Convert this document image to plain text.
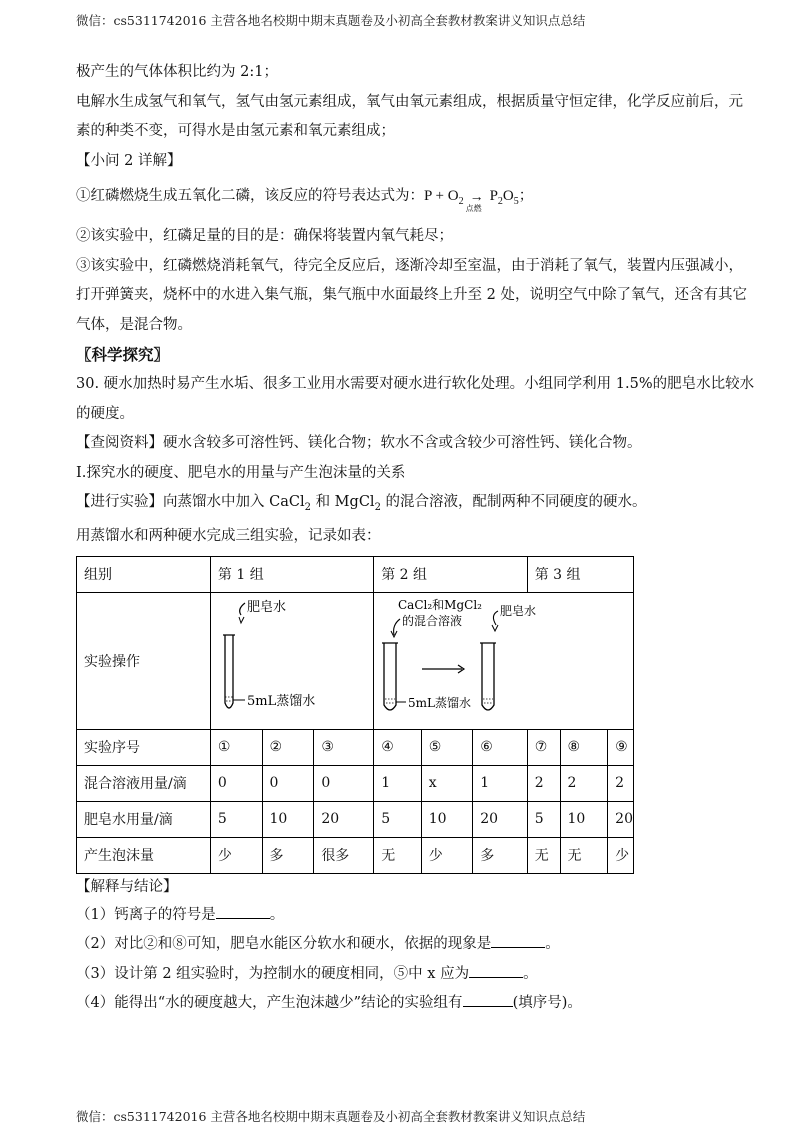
微信：cs5311742016 主营各地名校期中期末真题卷及小初高全套教材教案讲义知识点总结

极产生的气体体积比约为 2:1；

电解水生成氢气和氧气，氢气由氢元素组成，氧气由氧元素组成，根据质量守恒定律，化学反应前后，元

素的种类不变，可得水是由氢元素和氧元素组成；

【小问 2 详解】

①红磷燃烧生成五氧化二磷，该反应的符号表达式为：$P + O_2$ →
点燃
$P_2O_5$；

②该实验中，红磷足量的目的是：确保将装置内氧气耗尽；

③该实验中，红磷燃烧消耗氧气，待完全反应后，逐渐冷却至室温，由于消耗了氧气，装置内压强减小，

打开弹簧夹，烧杯中的水进入集气瓶，集气瓶中水面最终上升至 2 处，说明空气中除了氧气，还含有其它

气体，是混合物。

〖科学探究〗

30. 硬水加热时易产生水垢、很多工业用水需要对硬水进行软化处理。小组同学利用 1.5%的肥皂水比较水

的硬度。

【查阅资料】硬水含较多可溶性钙、镁化合物；软水不含或含较少可溶性钙、镁化合物。

I.探究水的硬度、肥皂水的用量与产生泡沫量的关系

【进行实验】向蒸馏水中加入 CaCl$_2$ 和 MgCl$_2$ 的混合溶液，配制两种不同硬度的硬水。

用蒸馏水和两种硬水完成三组实验，记录如表：

组别	第 1 组			第 2 组			第 3 组		
实验操作	肥皂水
5mL蒸馏水			CaCl₂和MgCl₂
的混合溶液
5mL蒸馏水
肥皂水					

实验序号	①	②	③	④	⑤	⑥	⑦	⑧	⑨
混合溶液用量/滴	0	0	0	1	x	1	2	2	2
肥皂水用量/滴	5	10	20	5	10	20	5	10	20
产生泡沫量	少	多	很多	无	少	多	无	无	少

【解释与结论】

（1）钙离子的符号是	。

（2）对比②和⑧可知，肥皂水能区分软水和硬水，依据的现象是	。

（3）设计第 2 组实验时，为控制水的硬度相同，⑤中 x 应为	。

（4）能得出“水的硬度越大，产生泡沫越少”结论的实验组有	(填序号)。

微信：cs5311742016 主营各地名校期中期末真题卷及小初高全套教材教案讲义知识点总结
